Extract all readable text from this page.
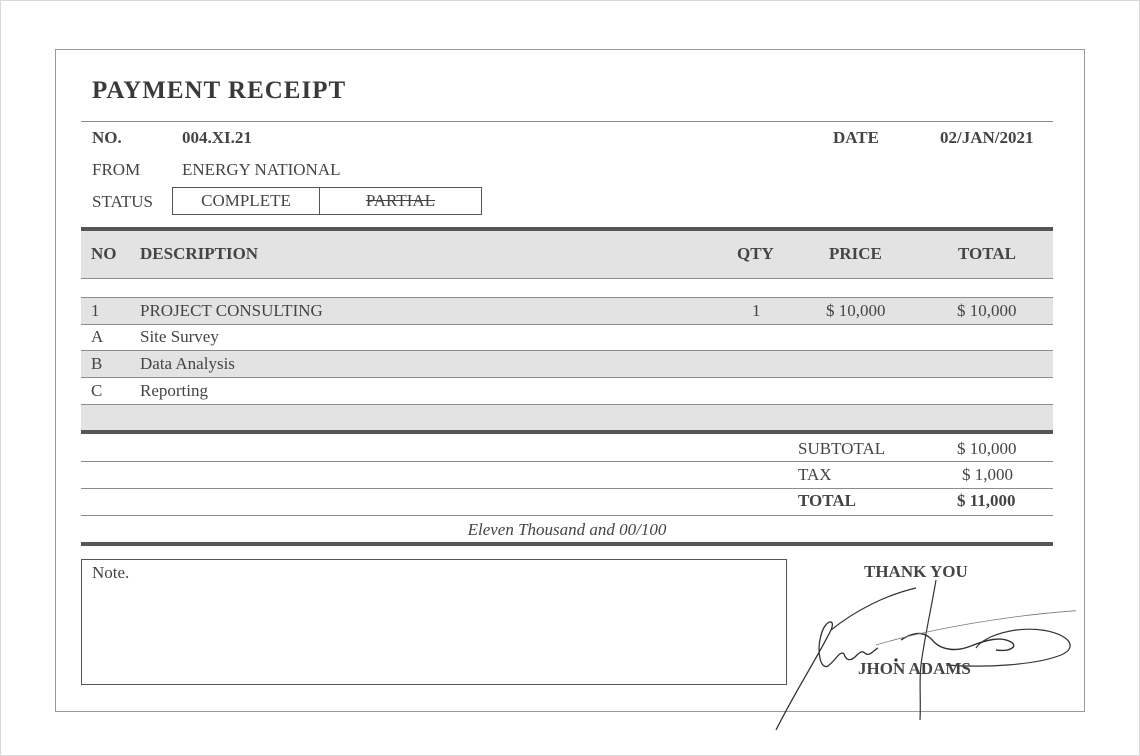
PAYMENT RECEIPT
NO.	004.XI.21	DATE	02/JAN/2021
FROM ENERGY NATIONAL
STATUS	COMPLETE	PARTIAL
NO DESCRIPTION	QTY	PRICE	TOTAL
1 PROJECT CONSULTING	1	$ 10,000	$ 10,000
A Site Survey
B Data Analysis
C Reporting
SUBTOTAL	$ 10,000
TAX	$ 1,000
TOTAL	$ 11,000
Eleven Thousand and 00/100
Note.	THANK YOU
JHON ADAMS
